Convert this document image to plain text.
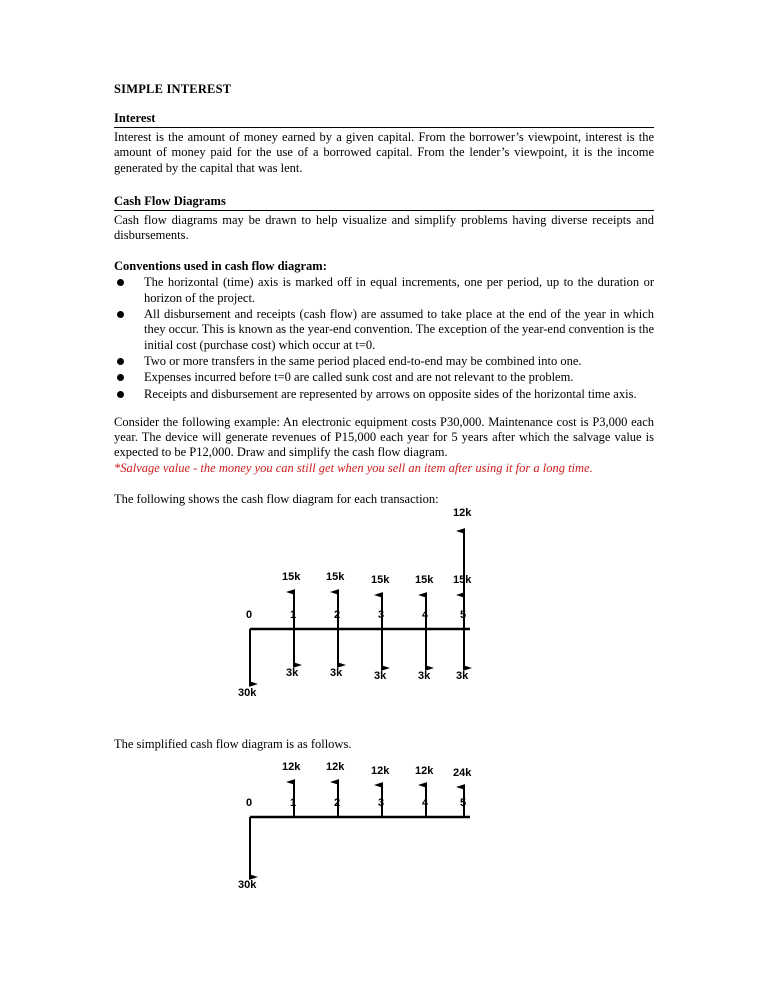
SIMPLE INTEREST
Interest

Interest is the amount of money earned by a given capital. From the borrower’s viewpoint, interest is the amount of money paid for the use of a borrowed capital. From the lender’s viewpoint, it is the income generated by the capital that was lent.

Cash Flow Diagrams

Cash flow diagrams may be drawn to help visualize and simplify problems having diverse receipts and disbursements.

Conventions used in cash flow diagram:
The horizontal (time) axis is marked off in equal increments, one per period, up to the duration or horizon of the project.
All disbursement and receipts (cash flow) are assumed to take place at the end of the year in which they occur. This is known as the year-end convention. The exception of the year-end convention is the initial cost (purchase cost) which occur at t=0.
Two or more transfers in the same period placed end-to-end may be combined into one.
Expenses incurred before t=0 are called sunk cost and are not relevant to the problem.
Receipts and disbursement are represented by arrows on opposite sides of the horizontal time axis.

Consider the following example: An electronic equipment costs P30,000. Maintenance cost is P3,000 each year. The device will generate revenues of P15,000 each year for 5 years after which the salvage value is expected to be P12,000. Draw and simplify the cash flow diagram.

*Salvage value - the money you can still get when you sell an item after using it for a long time.

The following shows the cash flow diagram for each transaction:

12k
15k 15k 15k 15k 15k
0	1	2	3	4	5
3k	3k	3k	3k 3k
30k

The simplified cash flow diagram is as follows.

12k 12k 12k 12k 24k
0	1	2	3	4	5
30k
